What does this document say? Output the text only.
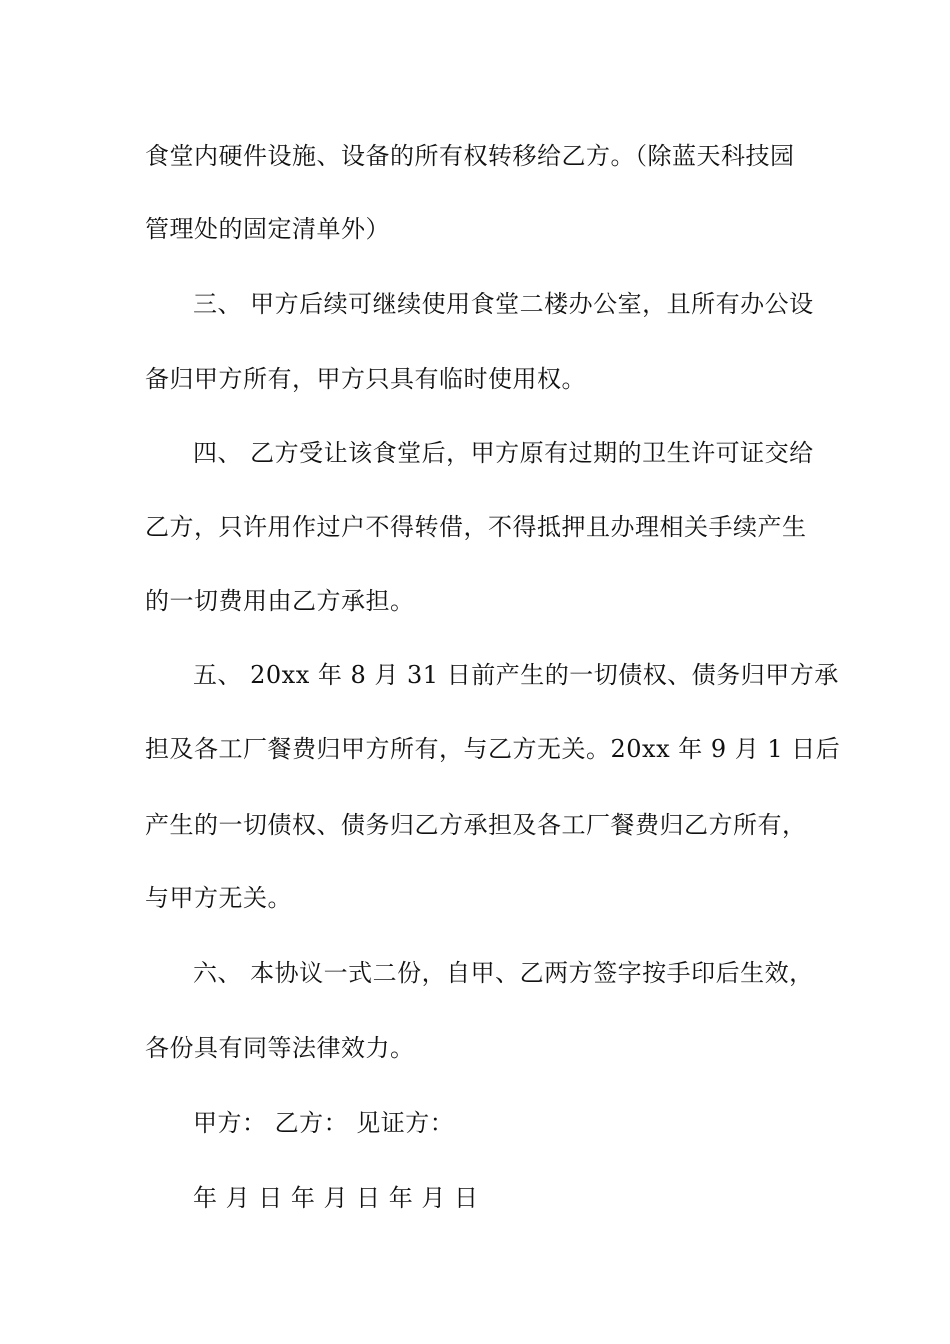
食堂内硬件设施、设备的所有权转移给乙方。（除蓝天科技园
管理处的固定清单外）
三、 甲方后续可继续使用食堂二楼办公室，且所有办公设
备归甲方所有，甲方只具有临时使用权。
四、 乙方受让该食堂后，甲方原有过期的卫生许可证交给
乙方，只许用作过户不得转借，不得抵押且办理相关手续产生
的一切费用由乙方承担。
五、 20xx 年 8 月 31 日前产生的一切债权、债务归甲方承
担及各工厂餐费归甲方所有，与乙方无关。20xx 年 9 月 1 日后
产生的一切债权、债务归乙方承担及各工厂餐费归乙方所有，
与甲方无关。
六、 本协议一式二份，自甲、乙两方签字按手印后生效，
各份具有同等法律效力。
甲方： 乙方： 见证方：
年 月 日 年 月 日 年 月 日
